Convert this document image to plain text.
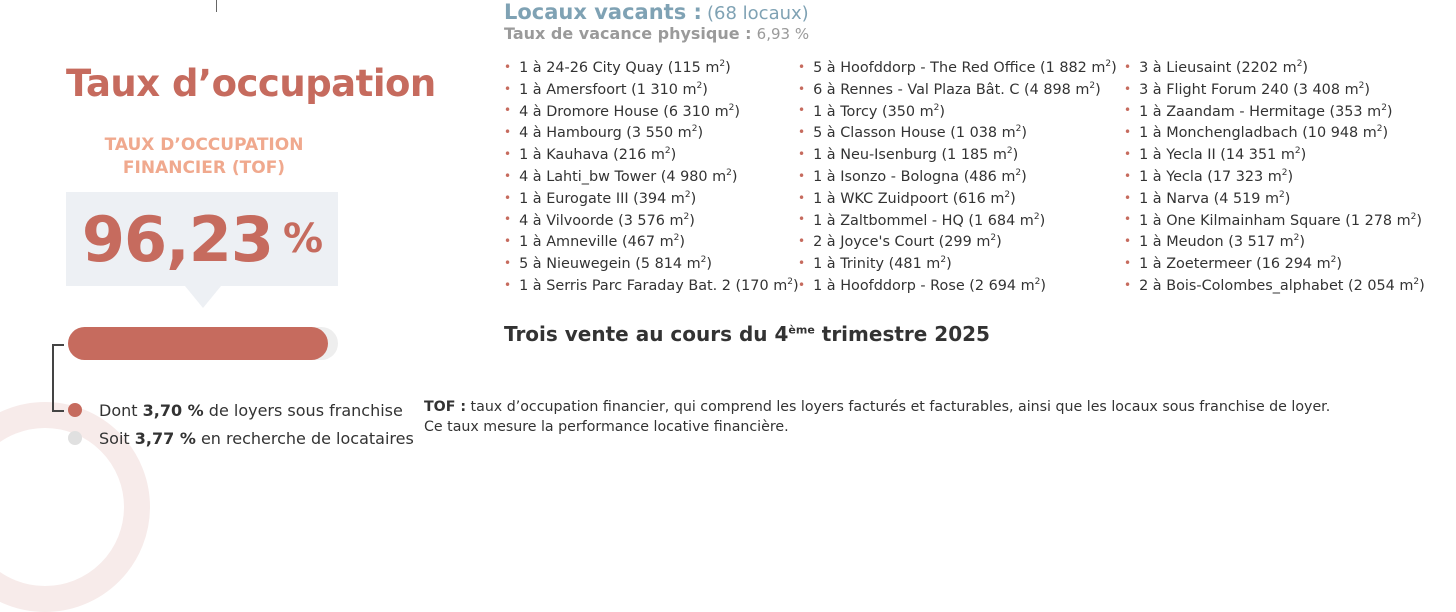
Taux d’occupation
TAUX D’OCCUPATION
FINANCIER (TOF)
96,23 %
Dont 3,70 % de loyers sous franchise
Soit 3,77 % en recherche de locataires
Locaux vacants : (68 locaux)
Taux de vacance physique : 6,93 %
• 1 à 24-26 City Quay (115 $m^2$)
• 1 à Amersfoort (1 310 $m^2$)
• 4 à Dromore House (6 310 $m^2$)
• 4 à Hambourg (3 550 $m^2$)
• 1 à Kauhava (216 $m^2$)
• 4 à Lahti_bw Tower (4 980 $m^2$)
• 1 à Eurogate III (394 $m^2$)
• 4 à Vilvoorde (3 576 $m^2$)
• 1 à Amneville (467 $m^2$)
• 5 à Nieuwegein (5 814 $m^2$)
• 1 à Serris Parc Faraday Bat. 2 (170 $m^2$)
• 5 à Hoofddorp - The Red Office (1 882 $m^2$)
• 6 à Rennes - Val Plaza Bât. C (4 898 $m^2$)
• 1 à Torcy (350 $m^2$)
• 5 à Classon House (1 038 $m^2$)
• 1 à Neu-Isenburg (1 185 $m^2$)
• 1 à Isonzo - Bologna (486 $m^2$)
• 1 à WKC Zuidpoort (616 $m^2$)
• 1 à Zaltbommel - HQ (1 684 $m^2$)
• 2 à Joyce's Court (299 $m^2$)
• 1 à Trinity (481 $m^2$)
• 1 à Hoofddorp - Rose (2 694 $m^2$)
• 3 à Lieusaint (2202 $m^2$)
• 3 à Flight Forum 240 (3 408 $m^2$)
• 1 à Zaandam - Hermitage (353 $m^2$)
• 1 à Monchengladbach (10 948 $m^2$)
• 1 à Yecla II (14 351 $m^2$)
• 1 à Yecla (17 323 $m^2$)
• 1 à Narva (4 519 $m^2$)
• 1 à One Kilmainham Square (1 278 $m^2$)
• 1 à Meudon (3 517 $m^2$)
• 1 à Zoetermeer (16 294 $m^2$)
• 2 à Bois-Colombes_alphabet (2 054 $m^2$)
Trois vente au cours du 4ème trimestre 2025
TOF : taux d’occupation financier, qui comprend les loyers facturés et facturables, ainsi que les locaux sous franchise de loyer.
Ce taux mesure la performance locative financière.
